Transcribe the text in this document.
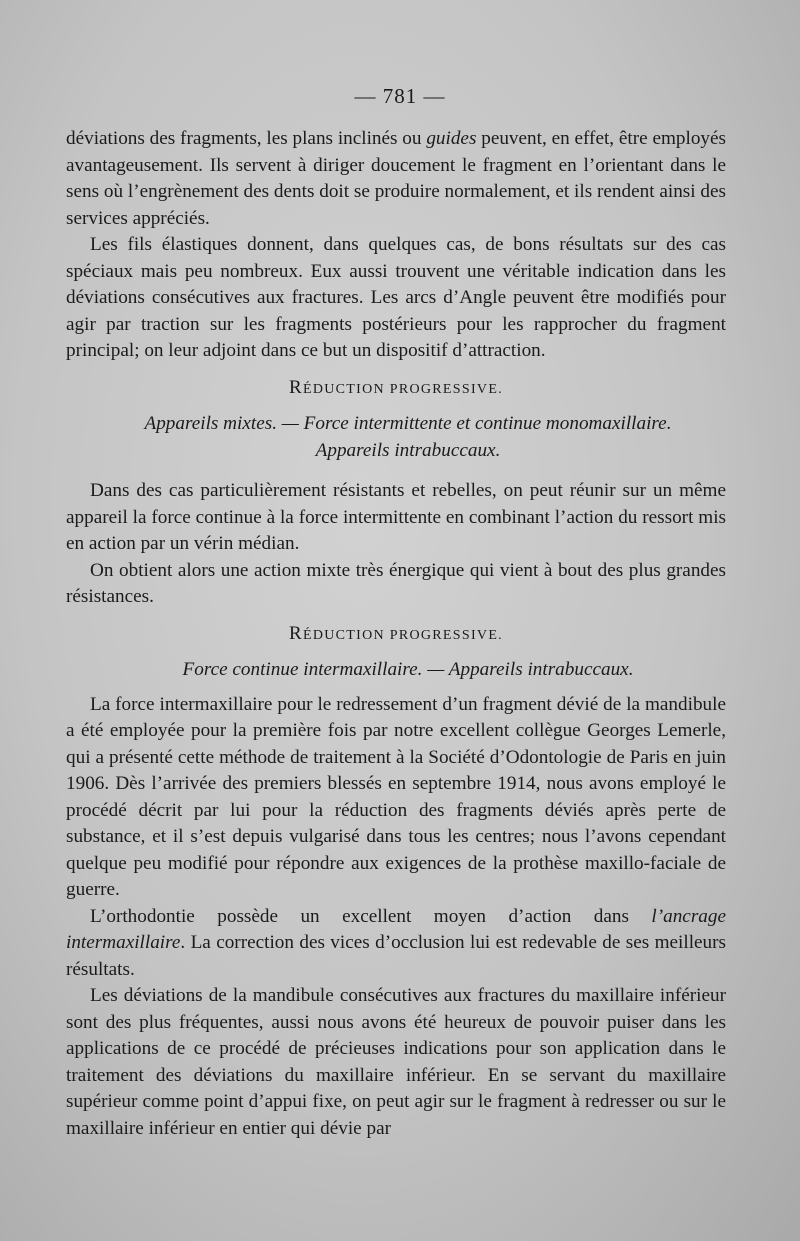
— 781 —

déviations des fragments, les plans inclinés ou guides peuvent, en effet, être employés avantageusement. Ils servent à diriger doucement le fragment en l’orientant dans le sens où l’engrènement des dents doit se produire normalement, et ils rendent ainsi des services appréciés.

Les fils élastiques donnent, dans quelques cas, de bons résultats sur des cas spéciaux mais peu nombreux. Eux aussi trouvent une véritable indication dans les déviations consécutives aux fractures. Les arcs d’Angle peuvent être modifiés pour agir par traction sur les fragments postérieurs pour les rapprocher du fragment principal; on leur adjoint dans ce but un dispositif d’attraction.

RÉDUCTION PROGRESSIVE.

Appareils mixtes. — Force intermittente et continue monomaxillaire.

Appareils intrabuccaux.

Dans des cas particulièrement résistants et rebelles, on peut réunir sur un même appareil la force continue à la force intermittente en combinant l’action du ressort mis en action par un vérin médian.

On obtient alors une action mixte très énergique qui vient à bout des plus grandes résistances.

RÉDUCTION PROGRESSIVE.

Force continue intermaxillaire. — Appareils intrabuccaux.

La force intermaxillaire pour le redressement d’un fragment dévié de la mandibule a été employée pour la première fois par notre excellent collègue Georges Lemerle, qui a présenté cette méthode de traitement à la Société d’Odontologie de Paris en juin 1906. Dès l’arrivée des premiers blessés en septembre 1914, nous avons employé le procédé décrit par lui pour la réduction des fragments déviés après perte de substance, et il s’est depuis vulgarisé dans tous les centres; nous l’avons cependant quelque peu modifié pour répondre aux exigences de la prothèse maxillo-faciale de guerre.

L’orthodontie possède un excellent moyen d’action dans l’ancrage intermaxillaire. La correction des vices d’occlusion lui est redevable de ses meilleurs résultats.

Les déviations de la mandibule consécutives aux fractures du maxillaire inférieur sont des plus fréquentes, aussi nous avons été heureux de pouvoir puiser dans les applications de ce procédé de précieuses indications pour son application dans le traitement des déviations du maxillaire inférieur. En se servant du maxillaire supérieur comme point d’appui fixe, on peut agir sur le fragment à redresser ou sur le maxillaire inférieur en entier qui dévie par
